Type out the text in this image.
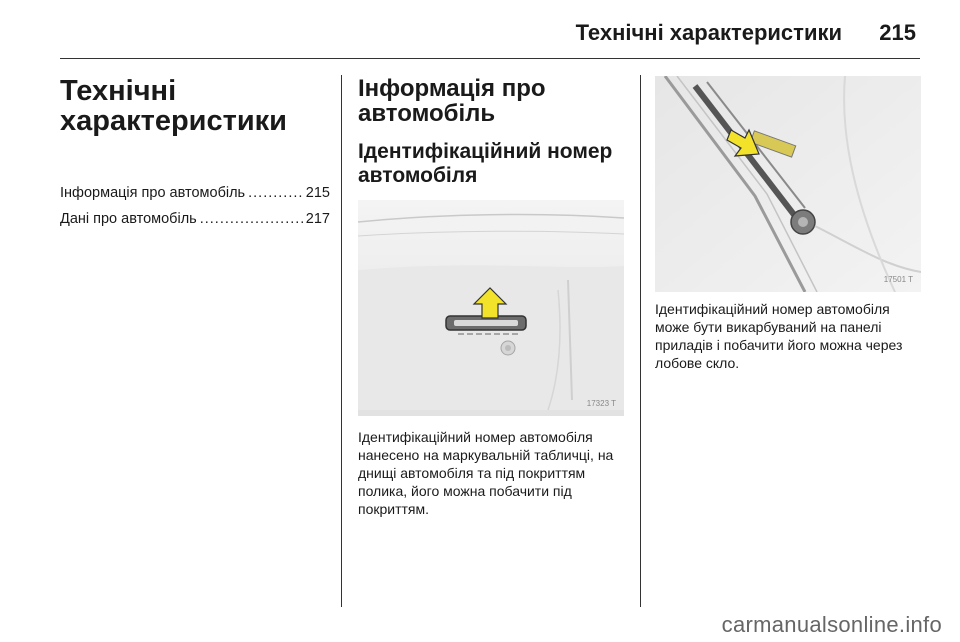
Технічні характеристики 215
Технічні
характеристики
Інформація про автомобіль .....	215
Дані про автомобіль .....	217
Інформація про
автомобіль
Ідентифікаційний номер
автомобіля
17323 T

Ідентифікаційний номер автомобіля нанесено на маркувальній табличці, на днищі автомобіля та під покриттям полика, його можна побачити під покриттям.

17501 T

Ідентифікаційний номер автомобіля може бути викарбуваний на панелі приладів і побачити його можна через лобове скло.

carmanualsonline.info
